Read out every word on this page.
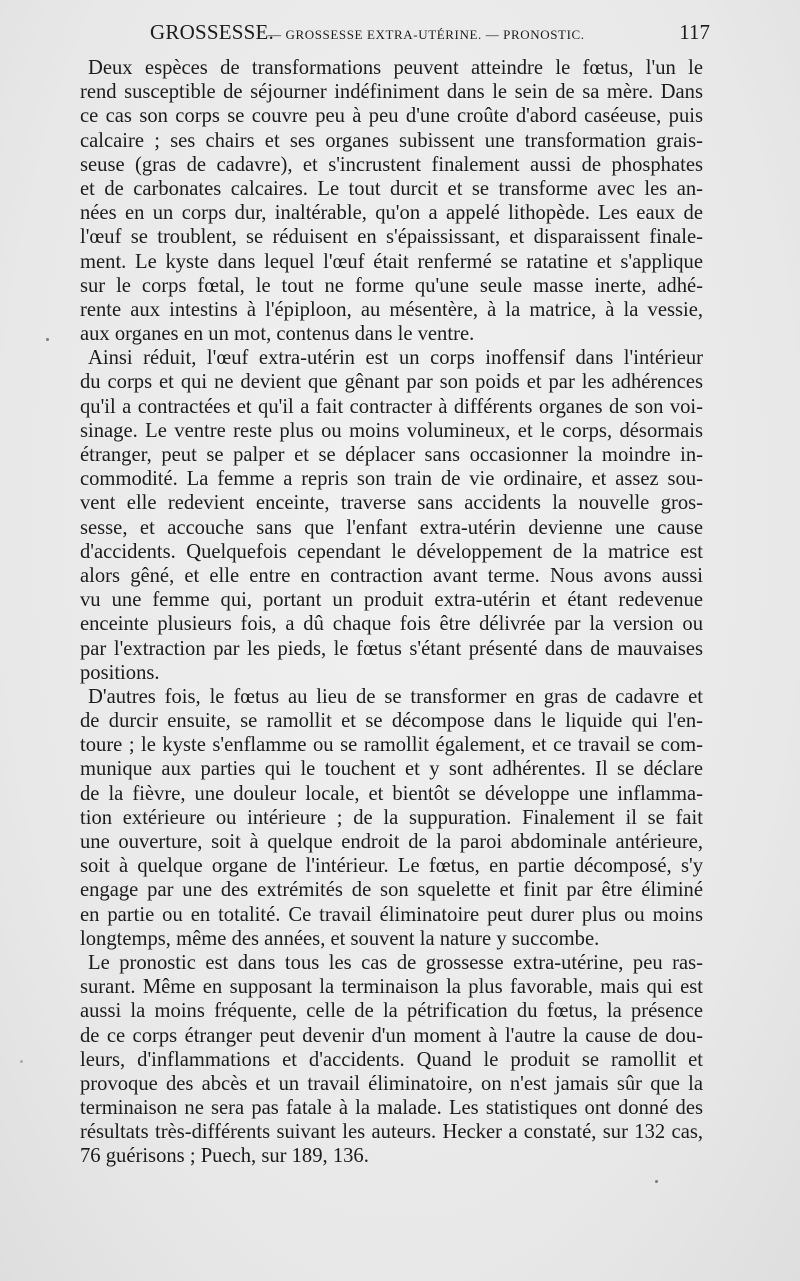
GROSSESSE.
— GROSSESSE EXTRA-UTÉRINE. — PRONOSTIC.	117
Deux espèces de transformations peuvent atteindre le fœtus, l'un le
rend susceptible de séjourner indéfiniment dans le sein de sa mère. Dans
ce cas son corps se couvre peu à peu d'une croûte d'abord caséeuse, puis
calcaire ; ses chairs et ses organes subissent une transformation grais-
seuse (gras de cadavre), et s'incrustent finalement aussi de phosphates
et de carbonates calcaires. Le tout durcit et se transforme avec les an-
nées en un corps dur, inaltérable, qu'on a appelé lithopède. Les eaux de
l'œuf se troublent, se réduisent en s'épaississant, et disparaissent finale-
ment. Le kyste dans lequel l'œuf était renfermé se ratatine et s'applique
sur le corps fœtal, le tout ne forme qu'une seule masse inerte, adhé-
rente aux intestins à l'épiploon, au mésentère, à la matrice, à la vessie,
aux organes en un mot, contenus dans le ventre.
Ainsi réduit, l'œuf extra-utérin est un corps inoffensif dans l'intérieur
du corps et qui ne devient que gênant par son poids et par les adhérences
qu'il a contractées et qu'il a fait contracter à différents organes de son voi-
sinage. Le ventre reste plus ou moins volumineux, et le corps, désormais
étranger, peut se palper et se déplacer sans occasionner la moindre in-
commodité. La femme a repris son train de vie ordinaire, et assez sou-
vent elle redevient enceinte, traverse sans accidents la nouvelle gros-
sesse, et accouche sans que l'enfant extra-utérin devienne une cause
d'accidents. Quelquefois cependant le développement de la matrice est
alors gêné, et elle entre en contraction avant terme. Nous avons aussi
vu une femme qui, portant un produit extra-utérin et étant redevenue
enceinte plusieurs fois, a dû chaque fois être délivrée par la version ou
par l'extraction par les pieds, le fœtus s'étant présenté dans de mauvaises
positions.
D'autres fois, le fœtus au lieu de se transformer en gras de cadavre et
de durcir ensuite, se ramollit et se décompose dans le liquide qui l'en-
toure ; le kyste s'enflamme ou se ramollit également, et ce travail se com-
munique aux parties qui le touchent et y sont adhérentes. Il se déclare
de la fièvre, une douleur locale, et bientôt se développe une inflamma-
tion extérieure ou intérieure ; de la suppuration. Finalement il se fait
une ouverture, soit à quelque endroit de la paroi abdominale antérieure,
soit à quelque organe de l'intérieur. Le fœtus, en partie décomposé, s'y
engage par une des extrémités de son squelette et finit par être éliminé
en partie ou en totalité. Ce travail éliminatoire peut durer plus ou moins
longtemps, même des années, et souvent la nature y succombe.
Le pronostic est dans tous les cas de grossesse extra-utérine, peu ras-
surant. Même en supposant la terminaison la plus favorable, mais qui est
aussi la moins fréquente, celle de la pétrification du fœtus, la présence
de ce corps étranger peut devenir d'un moment à l'autre la cause de dou-
leurs, d'inflammations et d'accidents. Quand le produit se ramollit et
provoque des abcès et un travail éliminatoire, on n'est jamais sûr que la
terminaison ne sera pas fatale à la malade. Les statistiques ont donné des
résultats très-différents suivant les auteurs. Hecker a constaté, sur 132 cas,
76 guérisons ; Puech, sur 189, 136.
